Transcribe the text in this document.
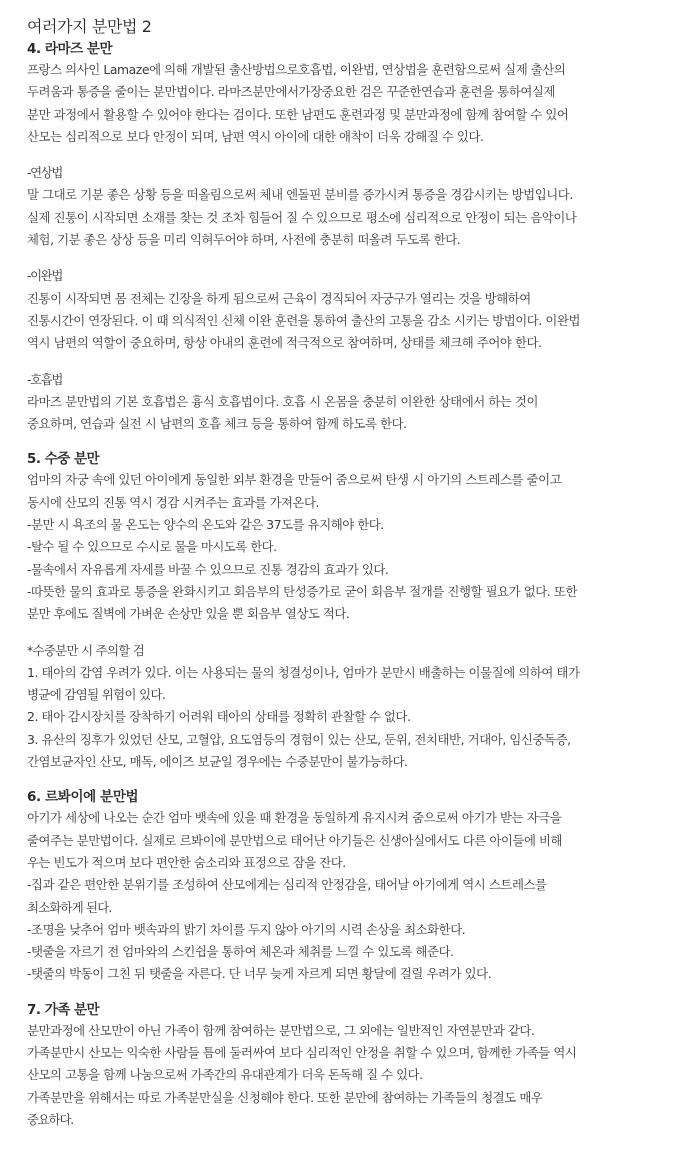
여러가지 분만법 2
4. 라마즈 분만
프랑스 의사인 Lamaze에 의해 개발된 출산방법으로호흡법, 이완법, 연상법을 훈련함으로써 실제 출산의
두려움과 통증을 줄이는 분만법이다. 라마즈분만에서가장중요한 검은 꾸준한연습과 훈련을 통하여실제
분만 과정에서 활용할 수 있어야 한다는 검이다. 또한 남편도 훈련과정 및 분만과정에 함께 참여할 수 있어
산모는 심리적으로 보다 안정이 되며, 남편 역시 아이에 대한 애착이 더욱 강해질 수 있다.
-연상법
말 그대로 기분 좋은 상황 등을 떠올림으로써 체내 엔돌핀 분비를 증가시켜 통증을 경감시키는 방법입니다.
실제 진통이 시작되면 소재를 찾는 것 조차 힘들어 질 수 있으므로 평소에 심리적으로 안정이 되는 음악이나
체험, 기분 좋은 상상 등을 미리 익혀두어야 하며, 사전에 충분히 떠올려 두도록 한다.
-이완법
진통이 시작되면 몸 전체는 긴장을 하게 됨으로써 근육이 경직되어 자궁구가 열리는 것을 방해하여
진통시간이 연장된다. 이 때 의식적인 신체 이완 훈련을 통하여 출산의 고통을 감소 시키는 방법이다. 이완법
역시 남편의 역할이 중요하며, 항상 아내의 훈련에 적극적으로 참여하며, 상태를 체크해 주어야 한다.
-호흡법
라마즈 분만법의 기본 호흡법은 흉식 호흡법이다. 호흡 시 온몸을 충분히 이완한 상태에서 하는 것이
중요하며, 연습과 실전 시 남편의 호흡 체크 등을 통하여 함께 하도록 한다.
5. 수중 분만
엄마의 자궁 속에 있던 아이에게 동일한 외부 환경을 만들어 줌으로써 탄생 시 아기의 스트레스를 줄이고
동시에 산모의 진통 역시 경감 시켜주는 효과를 가져온다.
-분만 시 욕조의 물 온도는 양수의 온도와 같은 37도를 유지해야 한다.
-탈수 될 수 있으므로 수시로 물을 마시도록 한다.
-물속에서 자유롭게 자세를 바꿀 수 있으므로 진통 경감의 효과가 있다.
-따뜻한 물의 효과로 통증을 완화시키고 회음부의 탄성증가로 굳이 회음부 절개를 진행할 필요가 없다. 또한
분만 후에도 질벽에 가벼운 손상만 있을 뿐 회음부 열상도 적다.
*수중분만 시 주의할 검
1. 태아의 감염 우려가 있다. 이는 사용되는 물의 청결성이나, 엄마가 분만시 배출하는 이물질에 의하여 태가
병균에 감염될 위험이 있다.
2. 태아 감시장치를 장착하기 어려워 태아의 상태를 정확히 관찰할 수 없다.
3. 유산의 징후가 있었던 산모, 고혈압, 요도염등의 경험이 있는 산모, 둔위, 전치태반, 거대아, 임신중독증,
간염보균자인 산모, 매독, 에이즈 보균일 경우에는 수중분만이 불가능하다.
6. 르봐이에 분만법
아기가 세상에 나오는 순간 엄마 뱃속에 있을 때 환경을 동일하게 유지시켜 줌으로써 아기가 받는 자극을
줄여주는 분만법이다. 실제로 르봐이에 분만법으로 태어난 아기들은 신생아실에서도 다른 아이들에 비해
우는 빈도가 적으며 보다 편안한 숨소리와 표정으로 잠을 잔다.
-집과 같은 편안한 분위기를 조성하여 산모에게는 심리적 안정감을, 태어날 아기에게 역시 스트레스를
최소화하게 된다.
-조명을 낮추어 엄마 뱃속과의 밝기 차이를 두지 않아 아기의 시력 손상을 최소화한다.
-탯줄을 자르기 전 엄마와의 스킨쉽을 통하여 체온과 체취를 느낄 수 있도록 해준다.
-탯줄의 박동이 그친 뒤 탯줄을 자른다. 단 너무 늦게 자르게 되면 황달에 걸릴 우려가 있다.
7. 가족 분만
분만과정에 산모만이 아닌 가족이 함께 참여하는 분만법으로, 그 외에는 일반적인 자연분만과 같다.
가족분만시 산모는 익숙한 사람들 틈에 둘러싸여 보다 심리적인 안정을 취할 수 있으며, 함께한 가족들 역시
산모의 고통을 함께 나눔으로써 가족간의 유대관계가 더욱 돈독해 질 수 있다.
가족분만을 위해서는 따로 가족분만실을 신청해야 한다. 또한 분만에 참여하는 가족들의 청결도 매우
중요하다.
